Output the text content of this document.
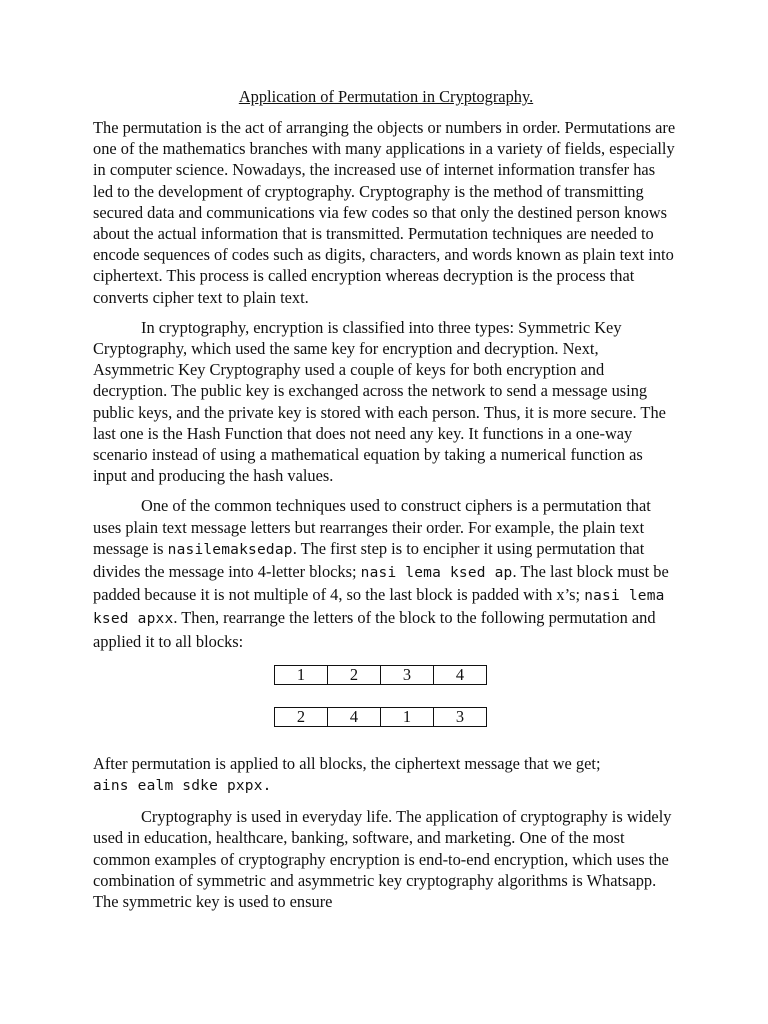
Application of Permutation in Cryptography.

The permutation is the act of arranging the objects or numbers in order. Permutations are one of the mathematics branches with many applications in a variety of fields, especially in computer science. Nowadays, the increased use of internet information transfer has led to the development of cryptography. Cryptography is the method of transmitting secured data and communications via few codes so that only the destined person knows about the actual information that is transmitted. Permutation techniques are needed to encode sequences of codes such as digits, characters, and words known as plain text into ciphertext. This process is called encryption whereas decryption is the process that converts cipher text to plain text.

In cryptography, encryption is classified into three types: Symmetric Key Cryptography, which used the same key for encryption and decryption. Next, Asymmetric Key Cryptography used a couple of keys for both encryption and decryption. The public key is exchanged across the network to send a message using public keys, and the private key is stored with each person. Thus, it is more secure. The last one is the Hash Function that does not need any key. It functions in a one-way scenario instead of using a mathematical equation by taking a numerical function as input and producing the hash values.

One of the common techniques used to construct ciphers is a permutation that uses plain text message letters but rearranges their order. For example, the plain text message is nasilemaksedap. The first step is to encipher it using permutation that divides the message into 4-letter blocks; nasi lema ksed ap. The last block must be padded because it is not multiple of 4, so the last block is padded with x’s; nasi lema ksed apxx. Then, rearrange the letters of the block to the following permutation and applied it to all blocks:

1	2	3	4
2	4	1	3

After permutation is applied to all blocks, the ciphertext message that we get;
ains ealm sdke pxpx.

Cryptography is used in everyday life. The application of cryptography is widely used in education, healthcare, banking, software, and marketing. One of the most common examples of cryptography encryption is end-to-end encryption, which uses the combination of symmetric and asymmetric key cryptography algorithms is Whatsapp. The symmetric key is used to ensure
